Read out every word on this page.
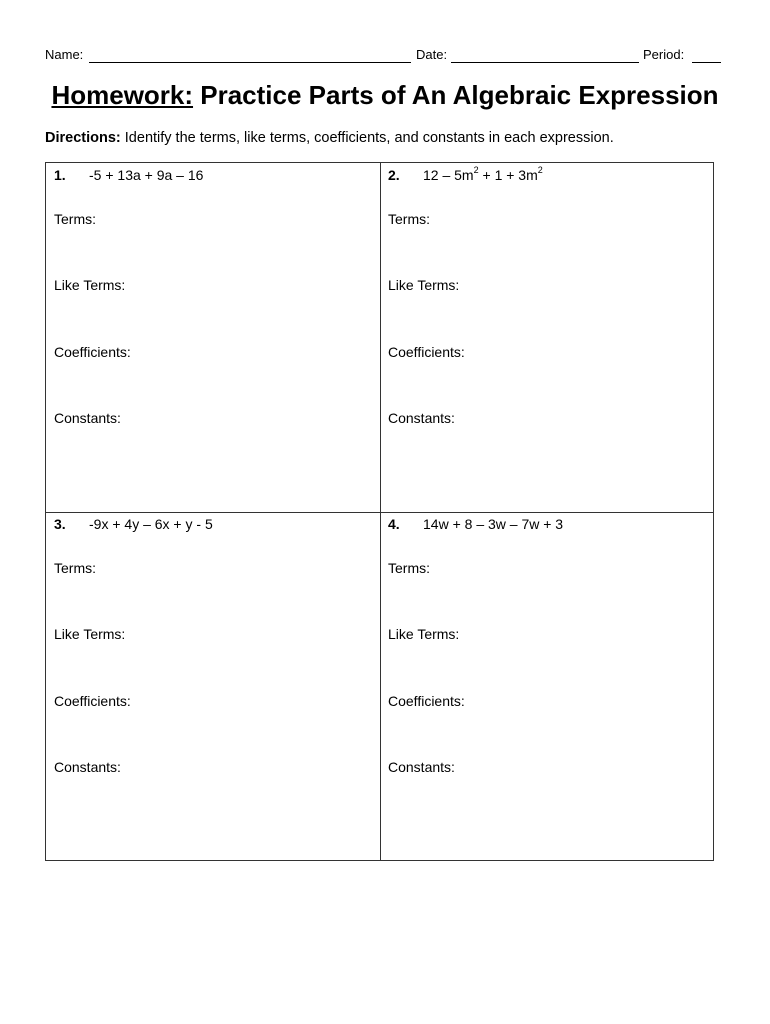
Name:	Date:	Period:
Homework: Practice Parts of An Algebraic Expression
Directions: Identify the terms, like terms, coefficients, and constants in each expression.
1. -5 + 13a + 9a – 16
Terms:
Like Terms:
Coefficients:
Constants:
2. $12 - 5m^2 + 1 + 3m^2$
Terms:
Like Terms:
Coefficients:
Constants:
3. -9x + 4y – 6x + y - 5
Terms:
Like Terms:
Coefficients:
Constants:
4. 14w + 8 – 3w – 7w + 3
Terms:
Like Terms:
Coefficients:
Constants:
